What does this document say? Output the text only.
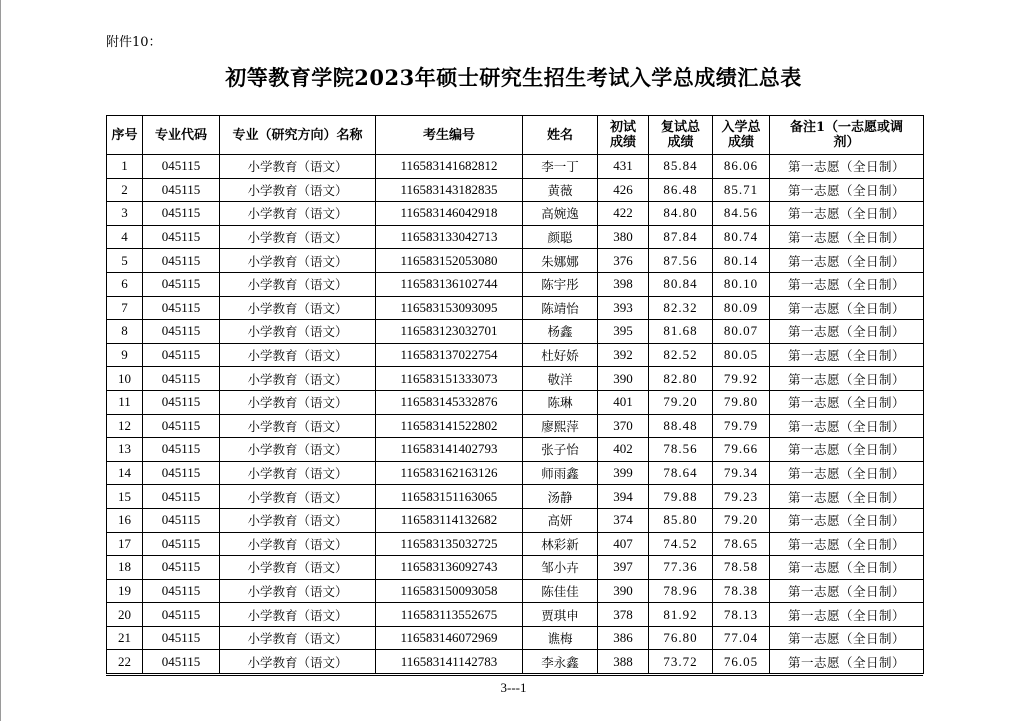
附件10：
初等教育学院2023年硕士研究生招生考试入学总成绩汇总表
序号	专业代码	专业（研究方向）名称	考生编号	姓名	初试成绩	复试总成绩	入学总成绩	备注1（一志愿或调剂）
1	045115	小学教育（语文）	116583141682812	李一丁	431	85.84	86.06	第一志愿（全日制）
2	045115	小学教育（语文）	116583143182835	黄薇	426	86.48	85.71	第一志愿（全日制）
3	045115	小学教育（语文）	116583146042918	高婉逸	422	84.80	84.56	第一志愿（全日制）
4	045115	小学教育（语文）	116583133042713	颜聪	380	87.84	80.74	第一志愿（全日制）
5	045115	小学教育（语文）	116583152053080	朱娜娜	376	87.56	80.14	第一志愿（全日制）
6	045115	小学教育（语文）	116583136102744	陈宇彤	398	80.84	80.10	第一志愿（全日制）
7	045115	小学教育（语文）	116583153093095	陈靖怡	393	82.32	80.09	第一志愿（全日制）
8	045115	小学教育（语文）	116583123032701	杨鑫	395	81.68	80.07	第一志愿（全日制）
9	045115	小学教育（语文）	116583137022754	杜好娇	392	82.52	80.05	第一志愿（全日制）
10	045115	小学教育（语文）	116583151333073	敬洋	390	82.80	79.92	第一志愿（全日制）
11	045115	小学教育（语文）	116583145332876	陈琳	401	79.20	79.80	第一志愿（全日制）
12	045115	小学教育（语文）	116583141522802	廖熙萍	370	88.48	79.79	第一志愿（全日制）
13	045115	小学教育（语文）	116583141402793	张子怡	402	78.56	79.66	第一志愿（全日制）
14	045115	小学教育（语文）	116583162163126	师雨鑫	399	78.64	79.34	第一志愿（全日制）
15	045115	小学教育（语文）	116583151163065	汤静	394	79.88	79.23	第一志愿（全日制）
16	045115	小学教育（语文）	116583114132682	高妍	374	85.80	79.20	第一志愿（全日制）
17	045115	小学教育（语文）	116583135032725	林彩新	407	74.52	78.65	第一志愿（全日制）
18	045115	小学教育（语文）	116583136092743	邹小卉	397	77.36	78.58	第一志愿（全日制）
19	045115	小学教育（语文）	116583150093058	陈佳佳	390	78.96	78.38	第一志愿（全日制）
20	045115	小学教育（语文）	116583113552675	贾琪申	378	81.92	78.13	第一志愿（全日制）
21	045115	小学教育（语文）	116583146072969	谯梅	386	76.80	77.04	第一志愿（全日制）
22	045115	小学教育（语文）	116583141142783	李永鑫	388	73.72	76.05	第一志愿（全日制）
3---1
